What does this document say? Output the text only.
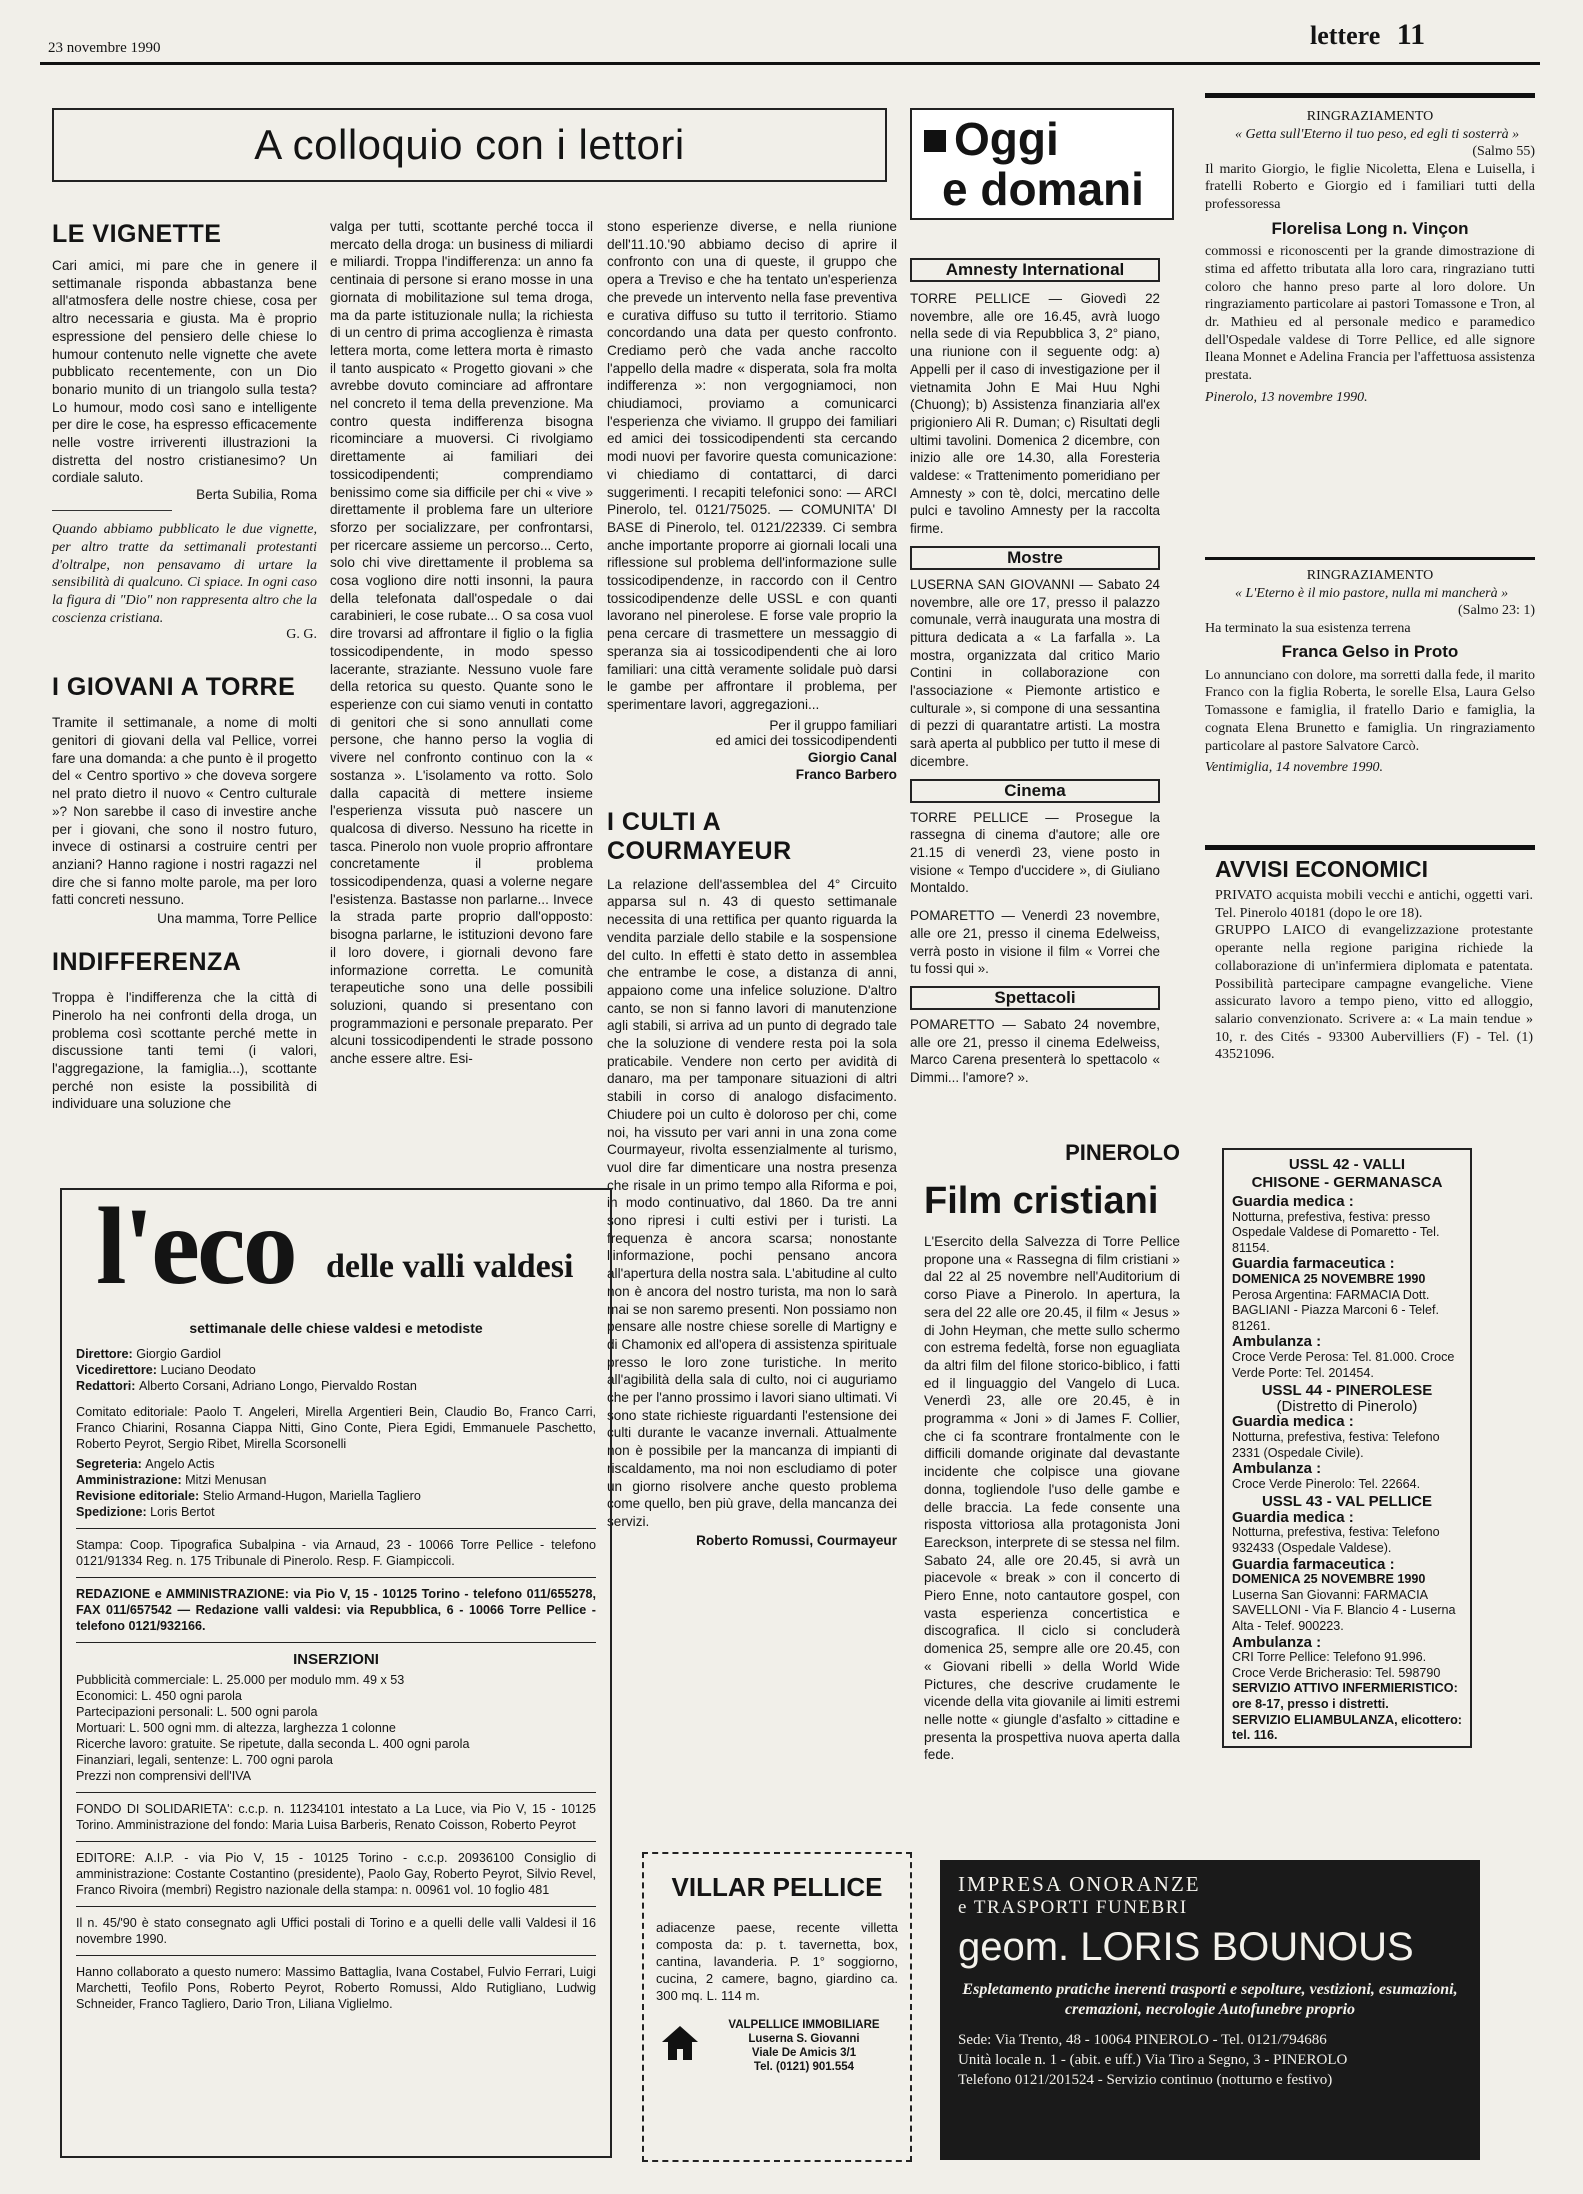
23 novembre 1990	lettere 11
A colloquio con i lettori
LE VIGNETTE

Cari amici, mi pare che in genere il settimanale risponda abbastanza bene all'atmosfera delle nostre chiese, cosa per altro necessaria e giusta. Ma è proprio espressione del pensiero delle chiese lo humour contenuto nelle vignette che avete pubblicato recentemente, con un Dio bonario munito di un triangolo sulla testa? Lo humour, modo così sano e intelligente per dire le cose, ha espresso efficacemente nelle vostre irriverenti illustrazioni la distretta del nostro cristianesimo? Un cordiale saluto.

Berta Subilia, Roma

Quando abbiamo pubblicato le due vignette, per altro tratte da settimanali protestanti d'oltralpe, non pensavamo di urtare la sensibilità di qualcuno. Ci spiace. In ogni caso la figura di "Dio" non rappresenta altro che la coscienza cristiana.

G. G.

I GIOVANI A TORRE

Tramite il settimanale, a nome di molti genitori di giovani della val Pellice, vorrei fare una domanda: a che punto è il progetto del « Centro sportivo » che doveva sorgere nel prato dietro il nuovo « Centro culturale »? Non sarebbe il caso di investire anche per i giovani, che sono il nostro futuro, invece di ostinarsi a costruire centri per anziani? Hanno ragione i nostri ragazzi nel dire che si fanno molte parole, ma per loro fatti concreti nessuno.

Una mamma, Torre Pellice

INDIFFERENZA

Troppa è l'indifferenza che la città di Pinerolo ha nei confronti della droga, un problema così scottante perché mette in discussione tanti temi (i valori, l'aggregazione, la famiglia...), scottante perché non esiste la possibilità di individuare una soluzione che

valga per tutti, scottante perché tocca il mercato della droga: un business di miliardi e miliardi. Troppa l'indifferenza: un anno fa centinaia di persone si erano mosse in una giornata di mobilitazione sul tema droga, ma da parte istituzionale nulla; la richiesta di un centro di prima accoglienza è rimasta lettera morta, come lettera morta è rimasto il tanto auspicato « Progetto giovani » che avrebbe dovuto cominciare ad affrontare nel concreto il tema della prevenzione. Ma contro questa indifferenza bisogna ricominciare a muoversi. Ci rivolgiamo direttamente ai familiari dei tossicodipendenti; comprendiamo benissimo come sia difficile per chi « vive » direttamente il problema fare un ulteriore sforzo per socializzare, per confrontarsi, per ricercare assieme un percorso... Certo, solo chi vive direttamente il problema sa cosa vogliono dire notti insonni, la paura della telefonata dall'ospedale o dai carabinieri, le cose rubate... O sa cosa vuol dire trovarsi ad affrontare il figlio o la figlia tossicodipendente, in modo spesso lacerante, straziante. Nessuno vuole fare della retorica su questo. Quante sono le esperienze con cui siamo venuti in contatto di genitori che si sono annullati come persone, che hanno perso la voglia di vivere nel confronto continuo con la « sostanza ». L'isolamento va rotto. Solo dalla capacità di mettere insieme l'esperienza vissuta può nascere un qualcosa di diverso. Nessuno ha ricette in tasca. Pinerolo non vuole proprio affrontare concretamente il problema tossicodipendenza, quasi a volerne negare l'esistenza. Bastasse non parlarne... Invece la strada parte proprio dall'opposto: bisogna parlarne, le istituzioni devono fare il loro dovere, i giornali devono fare informazione corretta. Le comunità terapeutiche sono una delle possibili soluzioni, quando si presentano con programmazioni e personale preparato. Per alcuni tossicodipendenti le strade possono anche essere altre. Esi-

stono esperienze diverse, e nella riunione dell'11.10.'90 abbiamo deciso di aprire il confronto con una di queste, il gruppo che opera a Treviso e che ha tentato un'esperienza che prevede un intervento nella fase preventiva e curativa diffuso su tutto il territorio. Stiamo concordando una data per questo confronto. Crediamo però che vada anche raccolto l'appello della madre « disperata, sola fra molta indifferenza »: non vergogniamoci, non chiudiamoci, proviamo a comunicarci l'esperienza che viviamo. Il gruppo dei familiari ed amici dei tossicodipendenti sta cercando modi nuovi per favorire questa comunicazione: vi chiediamo di contattarci, di darci suggerimenti. I recapiti telefonici sono: — ARCI Pinerolo, tel. 0121/75025. — COMUNITA' DI BASE di Pinerolo, tel. 0121/22339. Ci sembra anche importante proporre ai giornali locali una riflessione sul problema dell'informazione sulle tossicodipendenze, in raccordo con il Centro tossicodipendenze delle USSL e con quanti lavorano nel pinerolese. E forse vale proprio la pena cercare di trasmettere un messaggio di speranza sia ai tossicodipendenti che ai loro familiari: una città veramente solidale può darsi le gambe per affrontare il problema, per sperimentare lavori, aggregazioni...

Per il gruppo familiari

ed amici dei tossicodipendenti

Giorgio Canal

Franco Barbero

I CULTI A
COURMAYEUR

La relazione dell'assemblea del 4° Circuito apparsa sul n. 43 di questo settimanale necessita di una rettifica per quanto riguarda la vendita parziale dello stabile e la sospensione del culto. In effetti è stato detto in assemblea che entrambe le cose, a distanza di anni, appaiono come una infelice soluzione. D'altro canto, se non si fanno lavori di manutenzione agli stabili, si arriva ad un punto di degrado tale che la soluzione di vendere resta poi la sola praticabile. Vendere non certo per avidità di danaro, ma per tamponare situazioni di altri stabili in corso di analogo disfacimento. Chiudere poi un culto è doloroso per chi, come noi, ha vissuto per vari anni in una zona come Courmayeur, rivolta essenzialmente al turismo, vuol dire far dimenticare una nostra presenza che risale in un primo tempo alla Riforma e poi, in modo continuativo, dal 1860. Da tre anni sono ripresi i culti estivi per i turisti. La frequenza è ancora scarsa; nonostante l'informazione, pochi pensano ancora all'apertura della nostra sala. L'abitudine al culto non è ancora del nostro turista, ma non lo sarà mai se non saremo presenti. Non possiamo non pensare alle nostre chiese sorelle di Martigny e di Chamonix ed all'opera di assistenza spirituale presso le loro zone turistiche. In merito all'agibilità della sala di culto, noi ci auguriamo che per l'anno prossimo i lavori siano ultimati. Vi sono state richieste riguardanti l'estensione dei culti durante le vacanze invernali. Attualmente non è possibile per la mancanza di impianti di riscaldamento, ma noi non escludiamo di poter un giorno risolvere anche questo problema come quello, ben più grave, della mancanza dei servizi.

Roberto Romussi, Courmayeur

Oggi
e domani
Amnesty International

TORRE PELLICE — Giovedì 22 novembre, alle ore 16.45, avrà luogo nella sede di via Repubblica 3, 2° piano, una riunione con il seguente odg: a) Appelli per il caso di investigazione per il vietnamita John E Mai Huu Nghi (Chuong); b) Assistenza finanziaria all'ex prigioniero Ali R. Duman; c) Risultati degli ultimi tavolini. Domenica 2 dicembre, con inizio alle ore 14.30, alla Foresteria valdese: « Trattenimento pomeridiano per Amnesty » con tè, dolci, mercatino delle pulci e tavolino Amnesty per la raccolta firme.

Mostre

LUSERNA SAN GIOVANNI — Sabato 24 novembre, alle ore 17, presso il palazzo comunale, verrà inaugurata una mostra di pittura dedicata a « La farfalla ». La mostra, organizzata dal critico Mario Contini in collaborazione con l'associazione « Piemonte artistico e culturale », si compone di una sessantina di pezzi di quarantatre artisti. La mostra sarà aperta al pubblico per tutto il mese di dicembre.

Cinema

TORRE PELLICE — Prosegue la rassegna di cinema d'autore; alle ore 21.15 di venerdì 23, viene posto in visione « Tempo d'uccidere », di Giuliano Montaldo.

POMARETTO — Venerdì 23 novembre, alle ore 21, presso il cinema Edelweiss, verrà posto in visione il film « Vorrei che tu fossi qui ».

Spettacoli

POMARETTO — Sabato 24 novembre, alle ore 21, presso il cinema Edelweiss, Marco Carena presenterà lo spettacolo « Dimmi... l'amore? ».

PINEROLO
Film cristiani

L'Esercito della Salvezza di Torre Pellice propone una « Rassegna di film cristiani » dal 22 al 25 novembre nell'Auditorium di corso Piave a Pinerolo. In apertura, la sera del 22 alle ore 20.45, il film « Jesus » di John Heyman, che mette sullo schermo con estrema fedeltà, forse non eguagliata da altri film del filone storico-biblico, i fatti ed il linguaggio del Vangelo di Luca. Venerdì 23, alle ore 20.45, è in programma « Joni » di James F. Collier, che ci fa scontrare frontalmente con le difficili domande originate dal devastante incidente che colpisce una giovane donna, togliendole l'uso delle gambe e delle braccia. La fede consente una risposta vittoriosa alla protagonista Joni Eareckson, interprete di se stessa nel film. Sabato 24, alle ore 20.45, si avrà un piacevole « break » con il concerto di Piero Enne, noto cantautore gospel, con vasta esperienza concertistica e discografica. Il ciclo si concluderà domenica 25, sempre alle ore 20.45, con « Giovani ribelli » della World Wide Pictures, che descrive crudamente le vicende della vita giovanile ai limiti estremi nelle notte « giungle d'asfalto » cittadine e presenta la prospettiva nuova aperta dalla fede.

RINGRAZIAMENTO
« Getta sull'Eterno il tuo peso, ed egli ti sosterrà »
(Salmo 55)

Il marito Giorgio, le figlie Nicoletta, Elena e Luisella, i fratelli Roberto e Giorgio ed i familiari tutti della professoressa

Florelisa Long n. Vinçon

commossi e riconoscenti per la grande dimostrazione di stima ed affetto tributata alla loro cara, ringraziano tutti coloro che hanno preso parte al loro dolore. Un ringraziamento particolare ai pastori Tomassone e Tron, al dr. Mathieu ed al personale medico e paramedico dell'Ospedale valdese di Torre Pellice, ed alle signore Ileana Monnet e Adelina Francia per l'affettuosa assistenza prestata.

Pinerolo, 13 novembre 1990.
RINGRAZIAMENTO
« L'Eterno è il mio pastore, nulla mi mancherà »
(Salmo 23: 1)

Ha terminato la sua esistenza terrena

Franca Gelso in Proto

Lo annunciano con dolore, ma sorretti dalla fede, il marito Franco con la figlia Roberta, le sorelle Elsa, Laura Gelso Tomassone e famiglia, il fratello Dario e famiglia, la cognata Elena Brunetto e famiglia. Un ringraziamento particolare al pastore Salvatore Carcò.

Ventimiglia, 14 novembre 1990.
AVVISI ECONOMICI

PRIVATO acquista mobili vecchi e antichi, oggetti vari. Tel. Pinerolo 40181 (dopo le ore 18).

GRUPPO LAICO di evangelizzazione protestante operante nella regione parigina richiede la collaborazione di un'infermiera diplomata e patentata. Possibilità partecipare campagne evangeliche. Viene assicurato lavoro a tempo pieno, vitto ed alloggio, salario convenzionato. Scrivere a: « La main tendue » 10, r. des Cités - 93300 Aubervilliers (F) - Tel. (1) 43521096.

USSL 42 - VALLI
CHISONE - GERMANASCA
Guardia medica :
Notturna, prefestiva, festiva: presso Ospedale Valdese di Pomaretto - Tel. 81154.
Guardia farmaceutica :
DOMENICA 25 NOVEMBRE 1990
Perosa Argentina: FARMACIA Dott. BAGLIANI - Piazza Marconi 6 - Telef. 81261.
Ambulanza :
Croce Verde Perosa: Tel. 81.000. Croce Verde Porte: Tel. 201454.
USSL 44 - PINEROLESE
(Distretto di Pinerolo)
Guardia medica :
Notturna, prefestiva, festiva: Telefono 2331 (Ospedale Civile).
Ambulanza :
Croce Verde Pinerolo: Tel. 22664.
USSL 43 - VAL PELLICE
Guardia medica :
Notturna, prefestiva, festiva: Telefono 932433 (Ospedale Valdese).
Guardia farmaceutica :
DOMENICA 25 NOVEMBRE 1990
Luserna San Giovanni: FARMACIA SAVELLONI - Via F. Blancio 4 - Luserna Alta - Telef. 900223.
Ambulanza :
CRI Torre Pellice: Telefono 91.996. Croce Verde Bricherasio: Tel. 598790
SERVIZIO ATTIVO INFERMIERISTICO: ore 8-17, presso i distretti.
SERVIZIO ELIAMBULANZA, elicottero: tel. 116.
l'eco delle valli valdesi
settimanale delle chiese valdesi e metodiste
Direttore: Giorgio Gardiol
Vicedirettore: Luciano Deodato
Redattori: Alberto Corsani, Adriano Longo, Piervaldo Rostan

Comitato editoriale: Paolo T. Angeleri, Mirella Argentieri Bein, Claudio Bo, Franco Carri, Franco Chiarini, Rosanna Ciappa Nitti, Gino Conte, Piera Egidi, Emmanuele Paschetto, Roberto Peyrot, Sergio Ribet, Mirella Scorsonelli

Segreteria: Angelo Actis
Amministrazione: Mitzi Menusan
Revisione editoriale: Stelio Armand-Hugon, Mariella Tagliero
Spedizione: Loris Bertot

Stampa: Coop. Tipografica Subalpina - via Arnaud, 23 - 10066 Torre Pellice - telefono 0121/91334 Reg. n. 175 Tribunale di Pinerolo. Resp. F. Giampiccoli.

REDAZIONE e AMMINISTRAZIONE: via Pio V, 15 - 10125 Torino - telefono 011/655278, FAX 011/657542 — Redazione valli valdesi: via Repubblica, 6 - 10066 Torre Pellice - telefono 0121/932166.

INSERZIONI
Pubblicità commerciale: L. 25.000 per modulo mm. 49 x 53
Economici: L. 450 ogni parola
Partecipazioni personali: L. 500 ogni parola
Mortuari: L. 500 ogni mm. di altezza, larghezza 1 colonne
Ricerche lavoro: gratuite. Se ripetute, dalla seconda L. 400 ogni parola
Finanziari, legali, sentenze: L. 700 ogni parola
Prezzi non comprensivi dell'IVA

FONDO DI SOLIDARIETA': c.c.p. n. 11234101 intestato a La Luce, via Pio V, 15 - 10125 Torino. Amministrazione del fondo: Maria Luisa Barberis, Renato Coisson, Roberto Peyrot

EDITORE: A.I.P. - via Pio V, 15 - 10125 Torino - c.c.p. 20936100 Consiglio di amministrazione: Costante Costantino (presidente), Paolo Gay, Roberto Peyrot, Silvio Revel, Franco Rivoira (membri) Registro nazionale della stampa: n. 00961 vol. 10 foglio 481

Il n. 45/'90 è stato consegnato agli Uffici postali di Torino e a quelli delle valli Valdesi il 16 novembre 1990.

Hanno collaborato a questo numero: Massimo Battaglia, Ivana Costabel, Fulvio Ferrari, Luigi Marchetti, Teofilo Pons, Roberto Peyrot, Roberto Romussi, Aldo Rutigliano, Ludwig Schneider, Franco Tagliero, Dario Tron, Liliana Viglielmo.

VILLAR PELLICE

adiacenze paese, recente villetta composta da: p. t. tavernetta, box, cantina, lavanderia. P. 1° soggiorno, cucina, 2 camere, bagno, giardino ca. 300 mq. L. 114 m.

VALPELLICE IMMOBILIARE
Luserna S. Giovanni
Viale De Amicis 3/1
Tel. (0121) 901.554
IMPRESA ONORANZE
e TRASPORTI FUNEBRI
geom. LORIS BOUNOUS

Espletamento pratiche inerenti trasporti e sepolture, vestizioni, esumazioni, cremazioni, necrologie Autofunebre proprio

Sede: Via Trento, 48 - 10064 PINEROLO - Tel. 0121/794686
Unità locale n. 1 - (abit. e uff.) Via Tiro a Segno, 3 - PINEROLO
Telefono 0121/201524 - Servizio continuo (notturno e festivo)
